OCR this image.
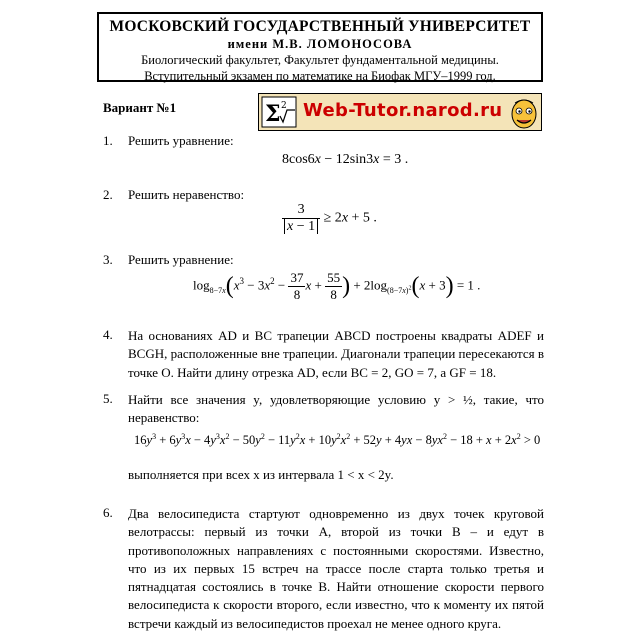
МОСКОВСКИЙ ГОСУДАРСТВЕННЫЙ УНИВЕРСИТЕТ
имени М.В. ЛОМОНОСОВА
Биологический факультет, Факультет фундаментальной медицины.
Вступительный экзамен по математике на Биофак МГУ–1999 год.
Вариант №1	Σ 2 Web-Tutor.narod.ru
1. Решить уравнение:
8cos6x − 12sin3x = 3 .
2. Решить неравенство:
$\frac{3}{x - 1} \ge 2x + 5$ .
3. Решить уравнение:
$\log_{8-7x}(x^3 - 3x^2 - \frac{37}{8}$ $x + \frac{55}{8}$ ) + $2\log_{(8-7x)^2}(x + 3) = 1$ .
4. На основаниях AD и BC трапеции ABCD построены квадраты ADEF и BCGH, расположенные вне трапеции. Диагонали трапеции пересекаются в точке O. Найти длину отрезка AD, если BC = 2, GO = 7, а GF = 18.
5. Найти все значения y, удовлетворяющие условию y > ½, такие, что неравенство:
$16y^3 + 6y^3x - 4y^3x^2 - 50y^2 - 11y^2x + 10y^2x^2 + 52y + 4yx - 8yx^2 - 18 + x + 2x^2 > 0$
выполняется при всех x из интервала 1 < x < 2y.
6. Два велосипедиста стартуют одновременно из двух точек круговой велотрассы: первый из точки A, второй из точки B – и едут в противоположных направлениях с постоянными скоростями. Известно, что из их первых 15 встреч на трассе после старта только третья и пятнадцатая состоялись в точке B. Найти отношение скорости первого велосипедиста к скорости второго, если известно, что к моменту их пятой встречи каждый из велосипедистов проехал не менее одного круга.
